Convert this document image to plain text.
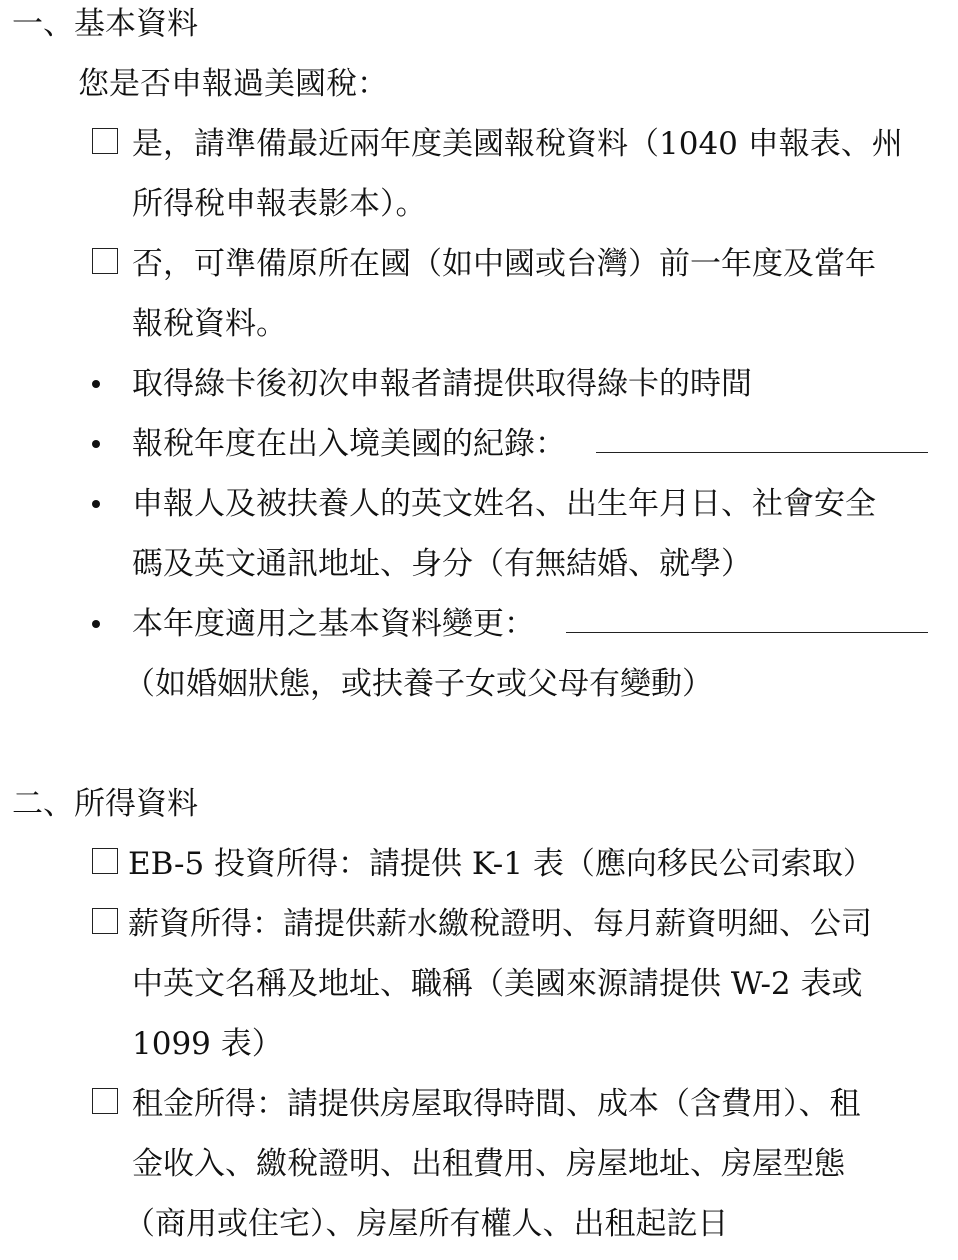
一、基本資料
您是否申報過美國稅：
是，請準備最近兩年度美國報稅資料（1040 申報表、州
所得稅申報表影本）。
否，可準備原所在國（如中國或台灣）前一年度及當年
報稅資料。
取得綠卡後初次申報者請提供取得綠卡的時間
報稅年度在出入境美國的紀錄：
申報人及被扶養人的英文姓名、出生年月日、社會安全
碼及英文通訊地址、身分（有無結婚、就學）
本年度適用之基本資料變更：
（如婚姻狀態，或扶養子女或父母有變動）
二、所得資料
EB-5 投資所得：請提供 K-1 表（應向移民公司索取）
薪資所得：請提供薪水繳稅證明、每月薪資明細、公司
中英文名稱及地址、職稱（美國來源請提供 W-2 表或
1099 表）
租金所得：請提供房屋取得時間、成本（含費用）、租
金收入、繳稅證明、出租費用、房屋地址、房屋型態
（商用或住宅）、房屋所有權人、出租起訖日
